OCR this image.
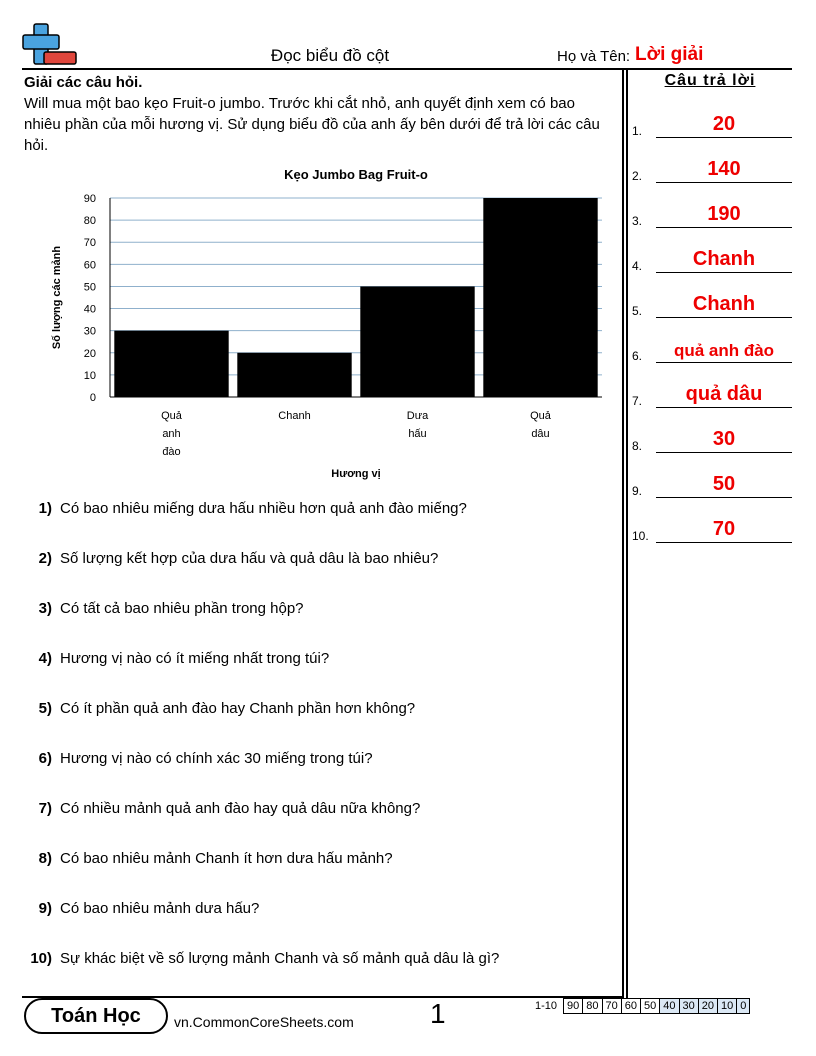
Đọc biểu đồ cột	Họ và Tên: Lời giải
Giải các câu hỏi.
Will mua một bao kẹo Fruit-o jumbo. Trước khi cắt nhỏ, anh quyết định xem có bao nhiêu phần của mỗi hương vị. Sử dụng biểu đồ của anh ấy bên dưới để trả lời các câu hỏi.
Kẹo Jumbo Bag Fruit-o
0
10
20
30
40
50
60
70
80
90
Quả
anh
đào
Chanh	Dưa
hấu
Quả
dâu
Hương vị
Số lượng các mảnh
1) Có bao nhiêu miếng dưa hấu nhiều hơn quả anh đào miếng?
2) Số lượng kết hợp của dưa hấu và quả dâu là bao nhiêu?
3) Có tất cả bao nhiêu phần trong hộp?
4) Hương vị nào có ít miếng nhất trong túi?
5) Có ít phần quả anh đào hay Chanh phần hơn không?
6) Hương vị nào có chính xác 30 miếng trong túi?
7) Có nhiều mảnh quả anh đào hay quả dâu nữa không?
8) Có bao nhiêu mảnh Chanh ít hơn dưa hấu mảnh?
9) Có bao nhiêu mảnh dưa hấu?
10) Sự khác biệt về số lượng mảnh Chanh và số mảnh quả dâu là gì?
Câu trả lời
1.	20
2.	140
3.	190
4.	Chanh
5.	Chanh
6.	quả anh đào
7.	quả dâu
8.	30
9.	50
10.	70
Toán Học	vn.CommonCoreSheets.com	1	1-10	90	80	70	60	50	40	30	20	10	0
